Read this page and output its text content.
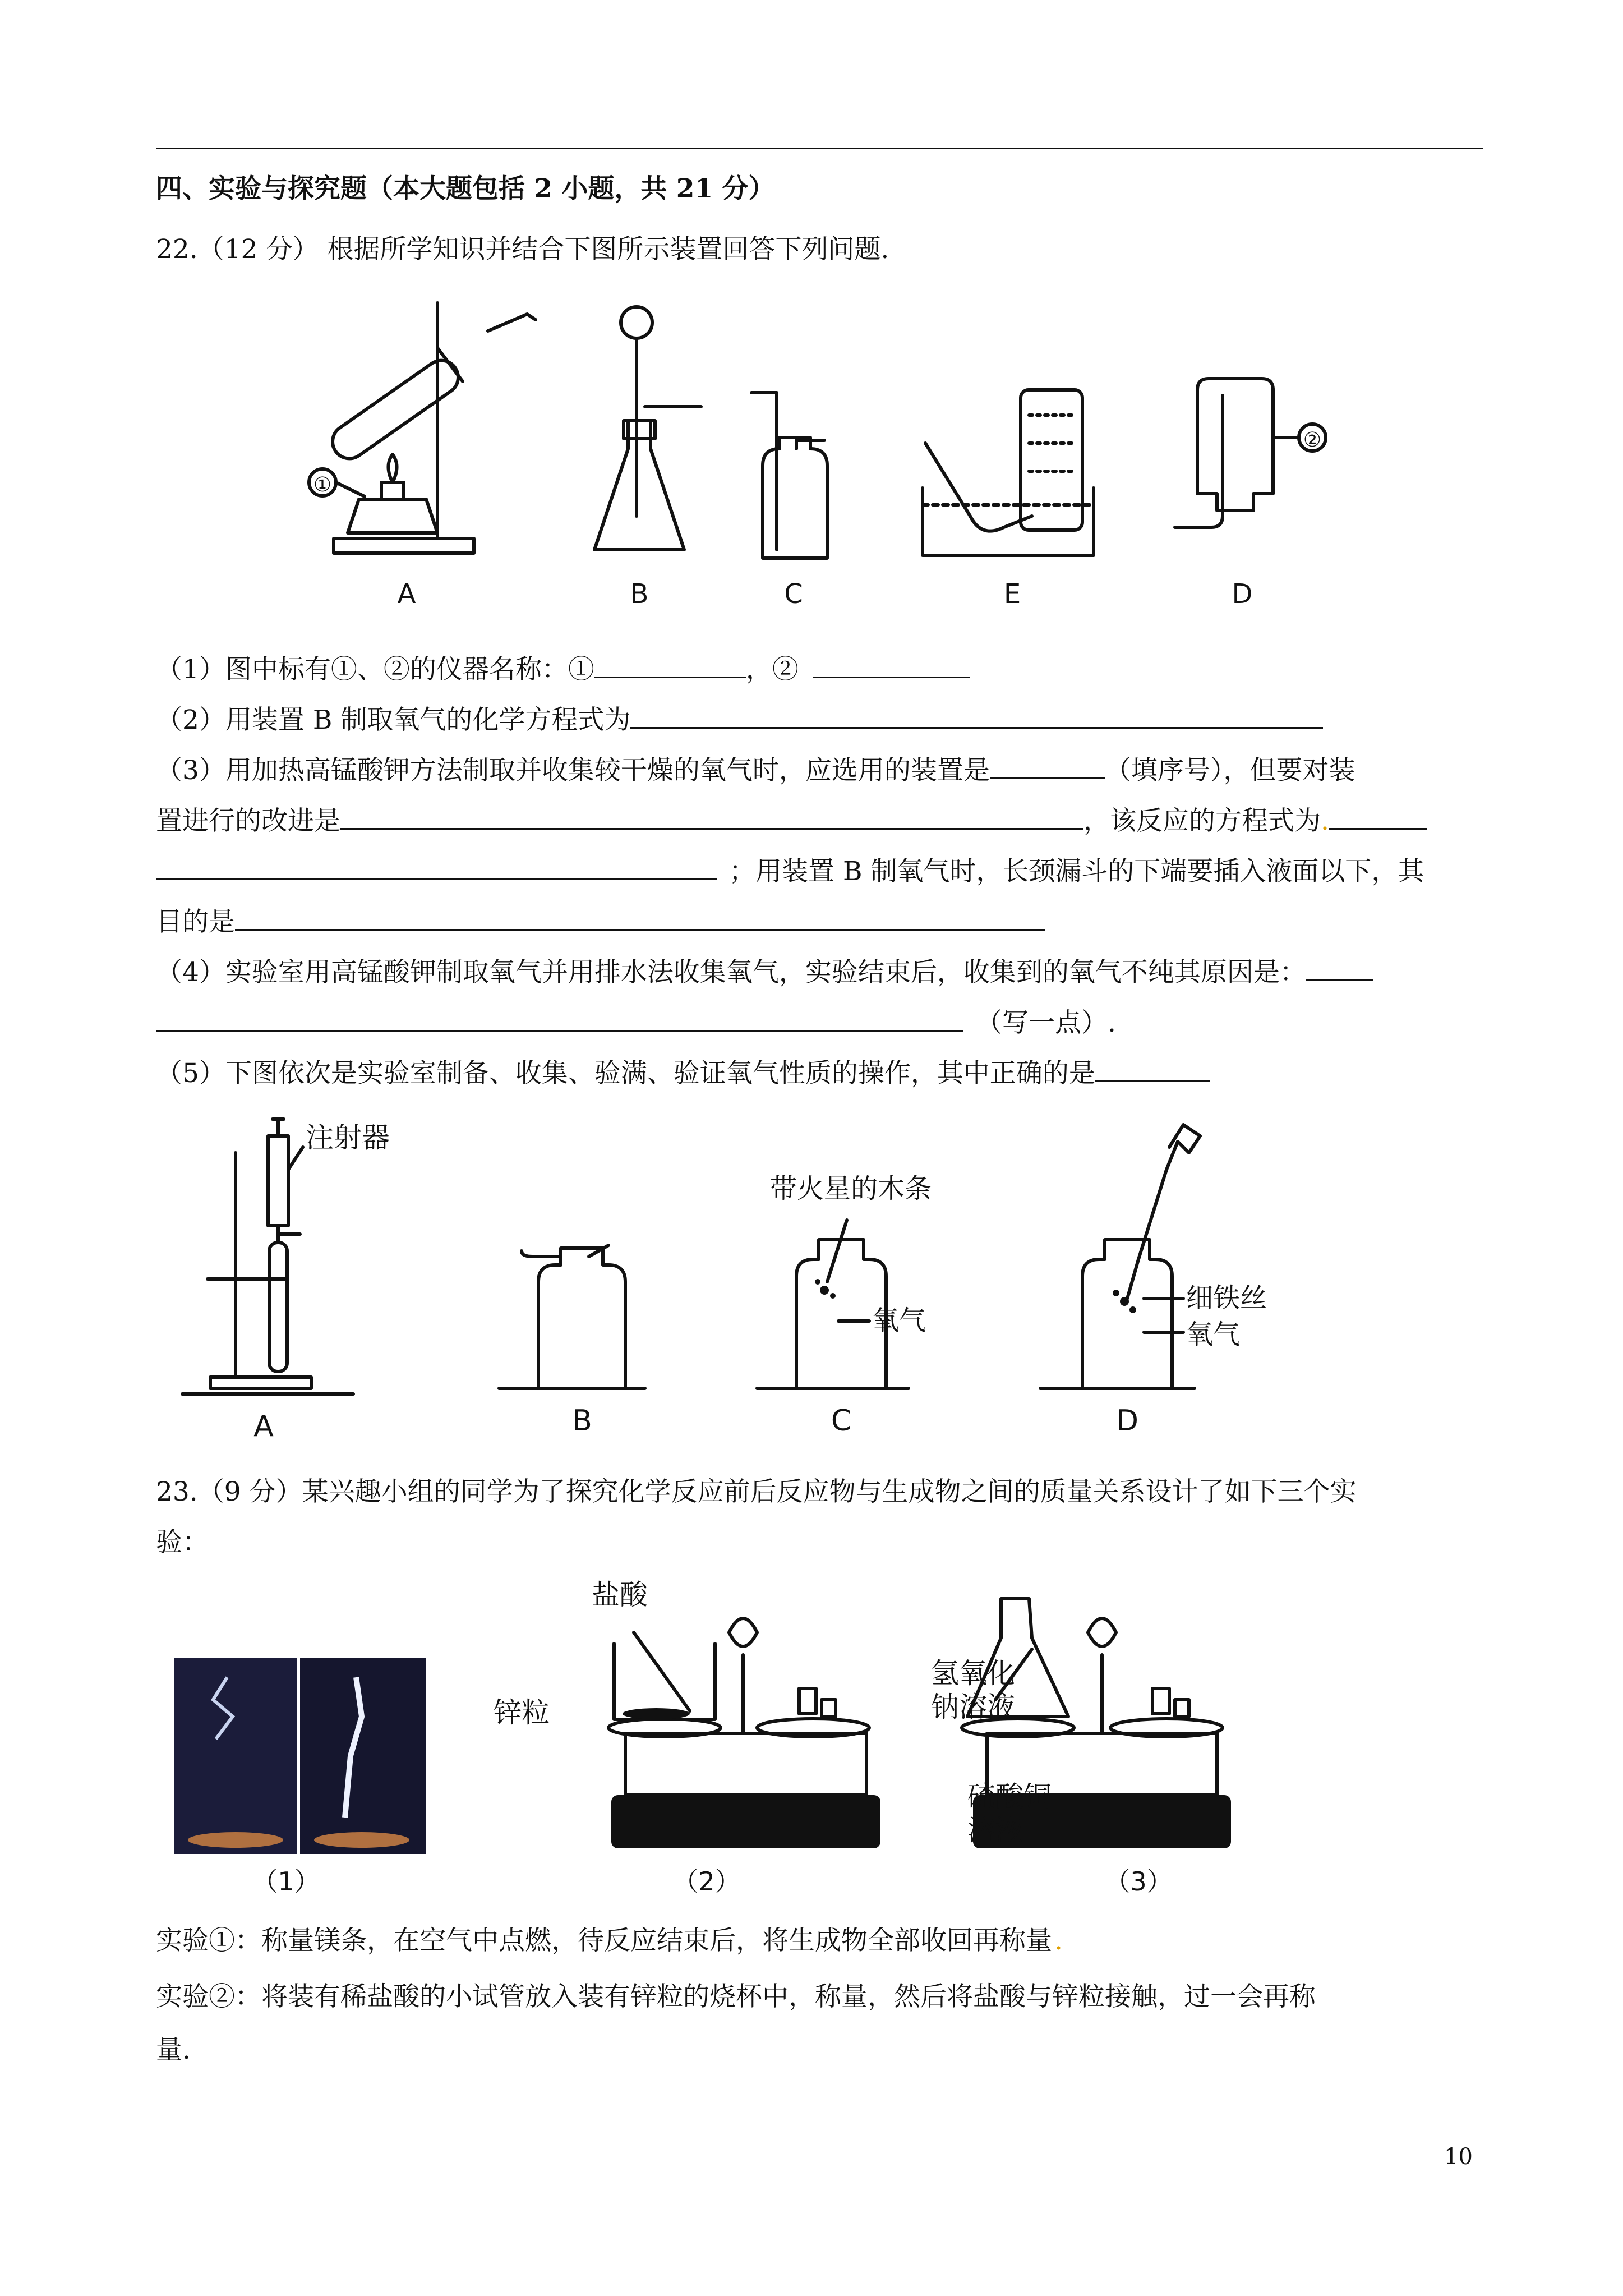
四、实验与探究题（本大题包括 2 小题，共 21 分）
22.（12 分） 根据所学知识并结合下图所示装置回答下列问题.
①
②
A	B	C	E	D
（1）图中标有①、②的仪器名称：①	，②
（2）用装置 B 制取氧气的化学方程式为
（3）用加热高锰酸钾方法制取并收集较干燥的氧气时，应选用的装置是	（填序号），但要对装
置进行的改进是	，该反应的方程式为.
；用装置 B 制氧气时，长颈漏斗的下端要插入液面以下，其
目的是
（4）实验室用高锰酸钾制取氧气并用排水法收集氧气，实验结束后，收集到的氧气不纯其原因是：
（写一点）.
（5）下图依次是实验室制备、收集、验满、验证氧气性质的操作，其中正确的是
注射器
带火星的木条
氧气
细铁丝
氧气
A	B	C	D
23.（9 分）某兴趣小组的同学为了探究化学反应前后反应物与生成物之间的质量关系设计了如下三个实
验：
盐酸
锌粒
氢氧化
钠溶液
硫酸铜
溶液
（1）	（2）	（3）
实验①：称量镁条，在空气中点燃，待反应结束后，将生成物全部收回再称量.
实验②：将装有稀盐酸的小试管放入装有锌粒的烧杯中，称量，然后将盐酸与锌粒接触，过一会再称
量.
10
